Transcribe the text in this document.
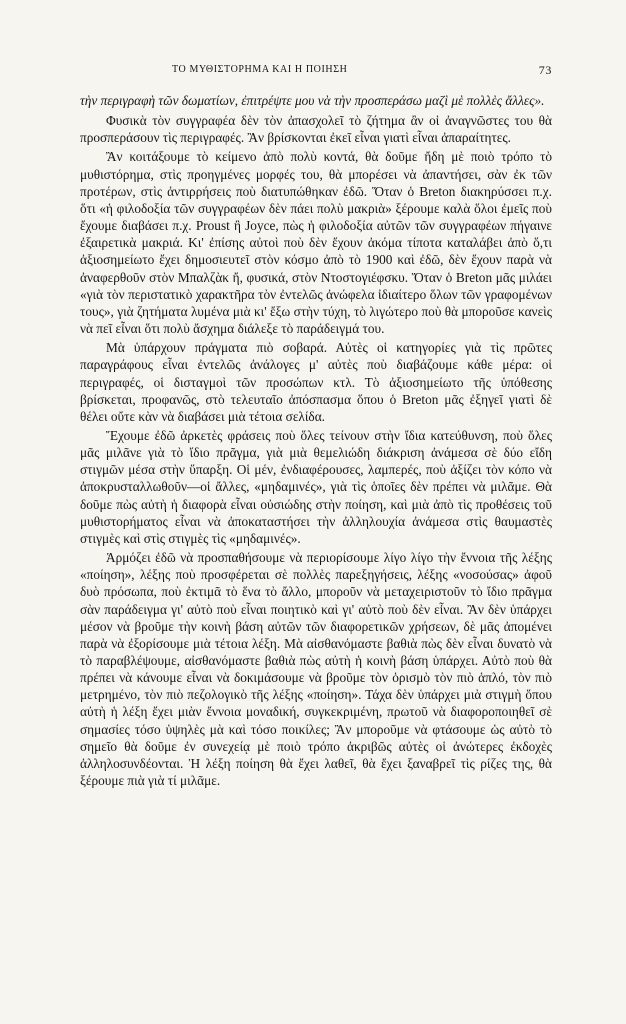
ΤΟ ΜΥΘΙΣΤΟΡΗΜΑ ΚΑΙ Η ΠΟΙΗΣΗ	73

τὴν περιγραφὴ τῶν δωματίων, ἐπιτρέψτε μου νὰ τὴν προσπεράσω μαζὶ μὲ πολλὲς ἄλλες».

Φυσικὰ τὸν συγγραφέα δὲν τὸν ἀπασχολεῖ τὸ ζήτημα ἂν οἱ ἀναγνῶστες του θὰ προσπεράσουν τὶς περιγραφές. Ἂν βρίσκονται ἐκεῖ εἶναι γιατὶ εἶναι ἀπαραίτητες.

Ἂν κοιτάξουμε τὸ κείμενο ἀπὸ πολὺ κοντά, θὰ δοῦμε ἤδη μὲ ποιὸ τρόπο τὸ μυθιστόρημα, στὶς προηγμένες μορφές του, θὰ μπορέσει νὰ ἀπαντήσει, σὰν ἐκ τῶν προτέρων, στὶς ἀντιρρήσεις ποὺ διατυπώθηκαν ἐδῶ. Ὅταν ὁ Breton διακηρύσσει π.χ. ὅτι «ἡ φιλοδοξία τῶν συγγραφέων δὲν πάει πολὺ μακριὰ» ξέρουμε καλὰ ὅλοι ἐμεῖς ποὺ ἔχουμε διαβάσει π.χ. Proust ἢ Joyce, πὼς ἡ φιλοδοξία αὐτῶν τῶν συγγραφέων πήγαινε ἐξαιρετικὰ μακριά. Κι' ἐπίσης αὐτοὶ ποὺ δὲν ἔχουν ἀκόμα τίποτα καταλάβει ἀπὸ ὅ,τι ἀξιοσημείωτο ἔχει δημοσιευτεῖ στὸν κόσμο ἀπὸ τὸ 1900 καὶ ἐδῶ, δὲν ἔχουν παρὰ νὰ ἀναφερθοῦν στὸν Μπαλζὰκ ἤ, φυσικά, στὸν Ντοστογιέφσκυ. Ὅταν ὁ Breton μᾶς μιλάει «γιὰ τὸν περιστατικὸ χαρακτῆρα τὸν ἐντελῶς ἀνώφελα ἰδιαίτερο ὅλων τῶν γραφομένων τους», γιὰ ζητήματα λυμένα μιὰ κι' ἔξω στὴν τύχη, τὸ λιγώτερο ποὺ θὰ μποροῦσε κανεὶς νὰ πεῖ εἶναι ὅτι πολὺ ἄσχημα διάλεξε τὸ παράδειγμά του.

Μὰ ὑπάρχουν πράγματα πιὸ σοβαρά. Αὐτὲς οἱ κατηγορίες γιὰ τὶς πρῶτες παραγράφους εἶναι ἐντελῶς ἀνάλογες μ' αὐτὲς ποὺ διαβάζουμε κάθε μέρα: οἱ περιγραφές, οἱ δισταγμοὶ τῶν προσώπων κτλ. Τὸ ἀξιοσημείωτο τῆς ὑπόθεσης βρίσκεται, προφανῶς, στὸ τελευταῖο ἀπόσπασμα ὅπου ὁ Breton μᾶς ἐξηγεῖ γιατὶ δὲ θέλει οὔτε κὰν νὰ διαβάσει μιὰ τέτοια σελίδα.

Ἔχουμε ἐδῶ ἀρκετὲς φράσεις ποὺ ὅλες τείνουν στὴν ἴδια κατεύθυνση, ποὺ ὅλες μᾶς μιλᾶνε γιὰ τὸ ἴδιο πρᾶγμα, γιὰ μιὰ θεμελιώδη διάκριση ἀνάμεσα σὲ δύο εἴδη στιγμῶν μέσα στὴν ὕπαρξη. Οἱ μέν, ἐνδιαφέρουσες, λαμπερές, ποὺ ἀξίζει τὸν κόπο νὰ ἀποκρυσταλλωθοῦν—οἱ ἄλλες, «μηδαμινές», γιὰ τὶς ὁποῖες δὲν πρέπει νὰ μιλᾶμε. Θὰ δοῦμε πὼς αὐτὴ ἡ διαφορὰ εἶναι οὐσιώδης στὴν ποίηση, καὶ μιὰ ἀπὸ τὶς προθέσεις τοῦ μυθιστορήματος εἶναι νὰ ἀποκαταστήσει τὴν ἀλληλουχία ἀνάμεσα στὶς θαυμαστὲς στιγμὲς καὶ στὶς στιγμὲς τὶς «μηδαμινές».

Ἁρμόζει ἐδῶ νὰ προσπαθήσουμε νὰ περιορίσουμε λίγο λίγο τὴν ἔννοια τῆς λέξης «ποίηση», λέξης ποὺ προσφέρεται σὲ πολλὲς παρεξηγήσεις, λέξης «νοσούσας» ἀφοῦ δυὸ πρόσωπα, ποὺ ἐκτιμᾶ τὸ ἕνα τὸ ἄλλο, μποροῦν νὰ μεταχειριστοῦν τὸ ἴδιο πρᾶγμα σὰν παράδειγμα γι' αὐτὸ ποὺ εἶναι ποιητικὸ καὶ γι' αὐτὸ ποὺ δὲν εἶναι. Ἂν δὲν ὑπάρχει μέσον νὰ βροῦμε τὴν κοινὴ βάση αὐτῶν τῶν διαφορετικῶν χρήσεων, δὲ μᾶς ἀπομένει παρὰ νὰ ἐξορίσουμε μιὰ τέτοια λέξη. Μὰ αἰσθανόμαστε βαθιὰ πὼς δὲν εἶναι δυνατὸ νὰ τὸ παραβλέψουμε, αἰσθανόμαστε βαθιὰ πὼς αὐτὴ ἡ κοινὴ βάση ὑπάρχει. Αὐτὸ ποὺ θὰ πρέπει νὰ κάνουμε εἶναι νὰ δοκιμάσουμε νὰ βροῦμε τὸν ὁρισμὸ τὸν πιὸ ἁπλό, τὸν πιὸ μετρημένο, τὸν πιὸ πεζολογικὸ τῆς λέξης «ποίηση». Τάχα δὲν ὑπάρχει μιὰ στιγμὴ ὅπου αὐτὴ ἡ λέξη ἔχει μιὰν ἔννοια μοναδική, συγκεκριμένη, πρωτοῦ νὰ διαφοροποιηθεῖ σὲ σημασίες τόσο ὑψηλὲς μὰ καὶ τόσο ποικίλες; Ἂν μποροῦμε νὰ φτάσουμε ὡς αὐτὸ τὸ σημεῖο θὰ δοῦμε ἐν συνεχείᾳ μὲ ποιὸ τρόπο ἀκριβῶς αὐτὲς οἱ ἀνώτερες ἐκδοχὲς ἀλληλοσυνδέονται. Ἡ λέξη ποίηση θὰ ἔχει λαθεῖ, θὰ ἔχει ξαναβρεῖ τὶς ρίζες της, θὰ ξέρουμε πιὰ γιὰ τί μιλᾶμε.
